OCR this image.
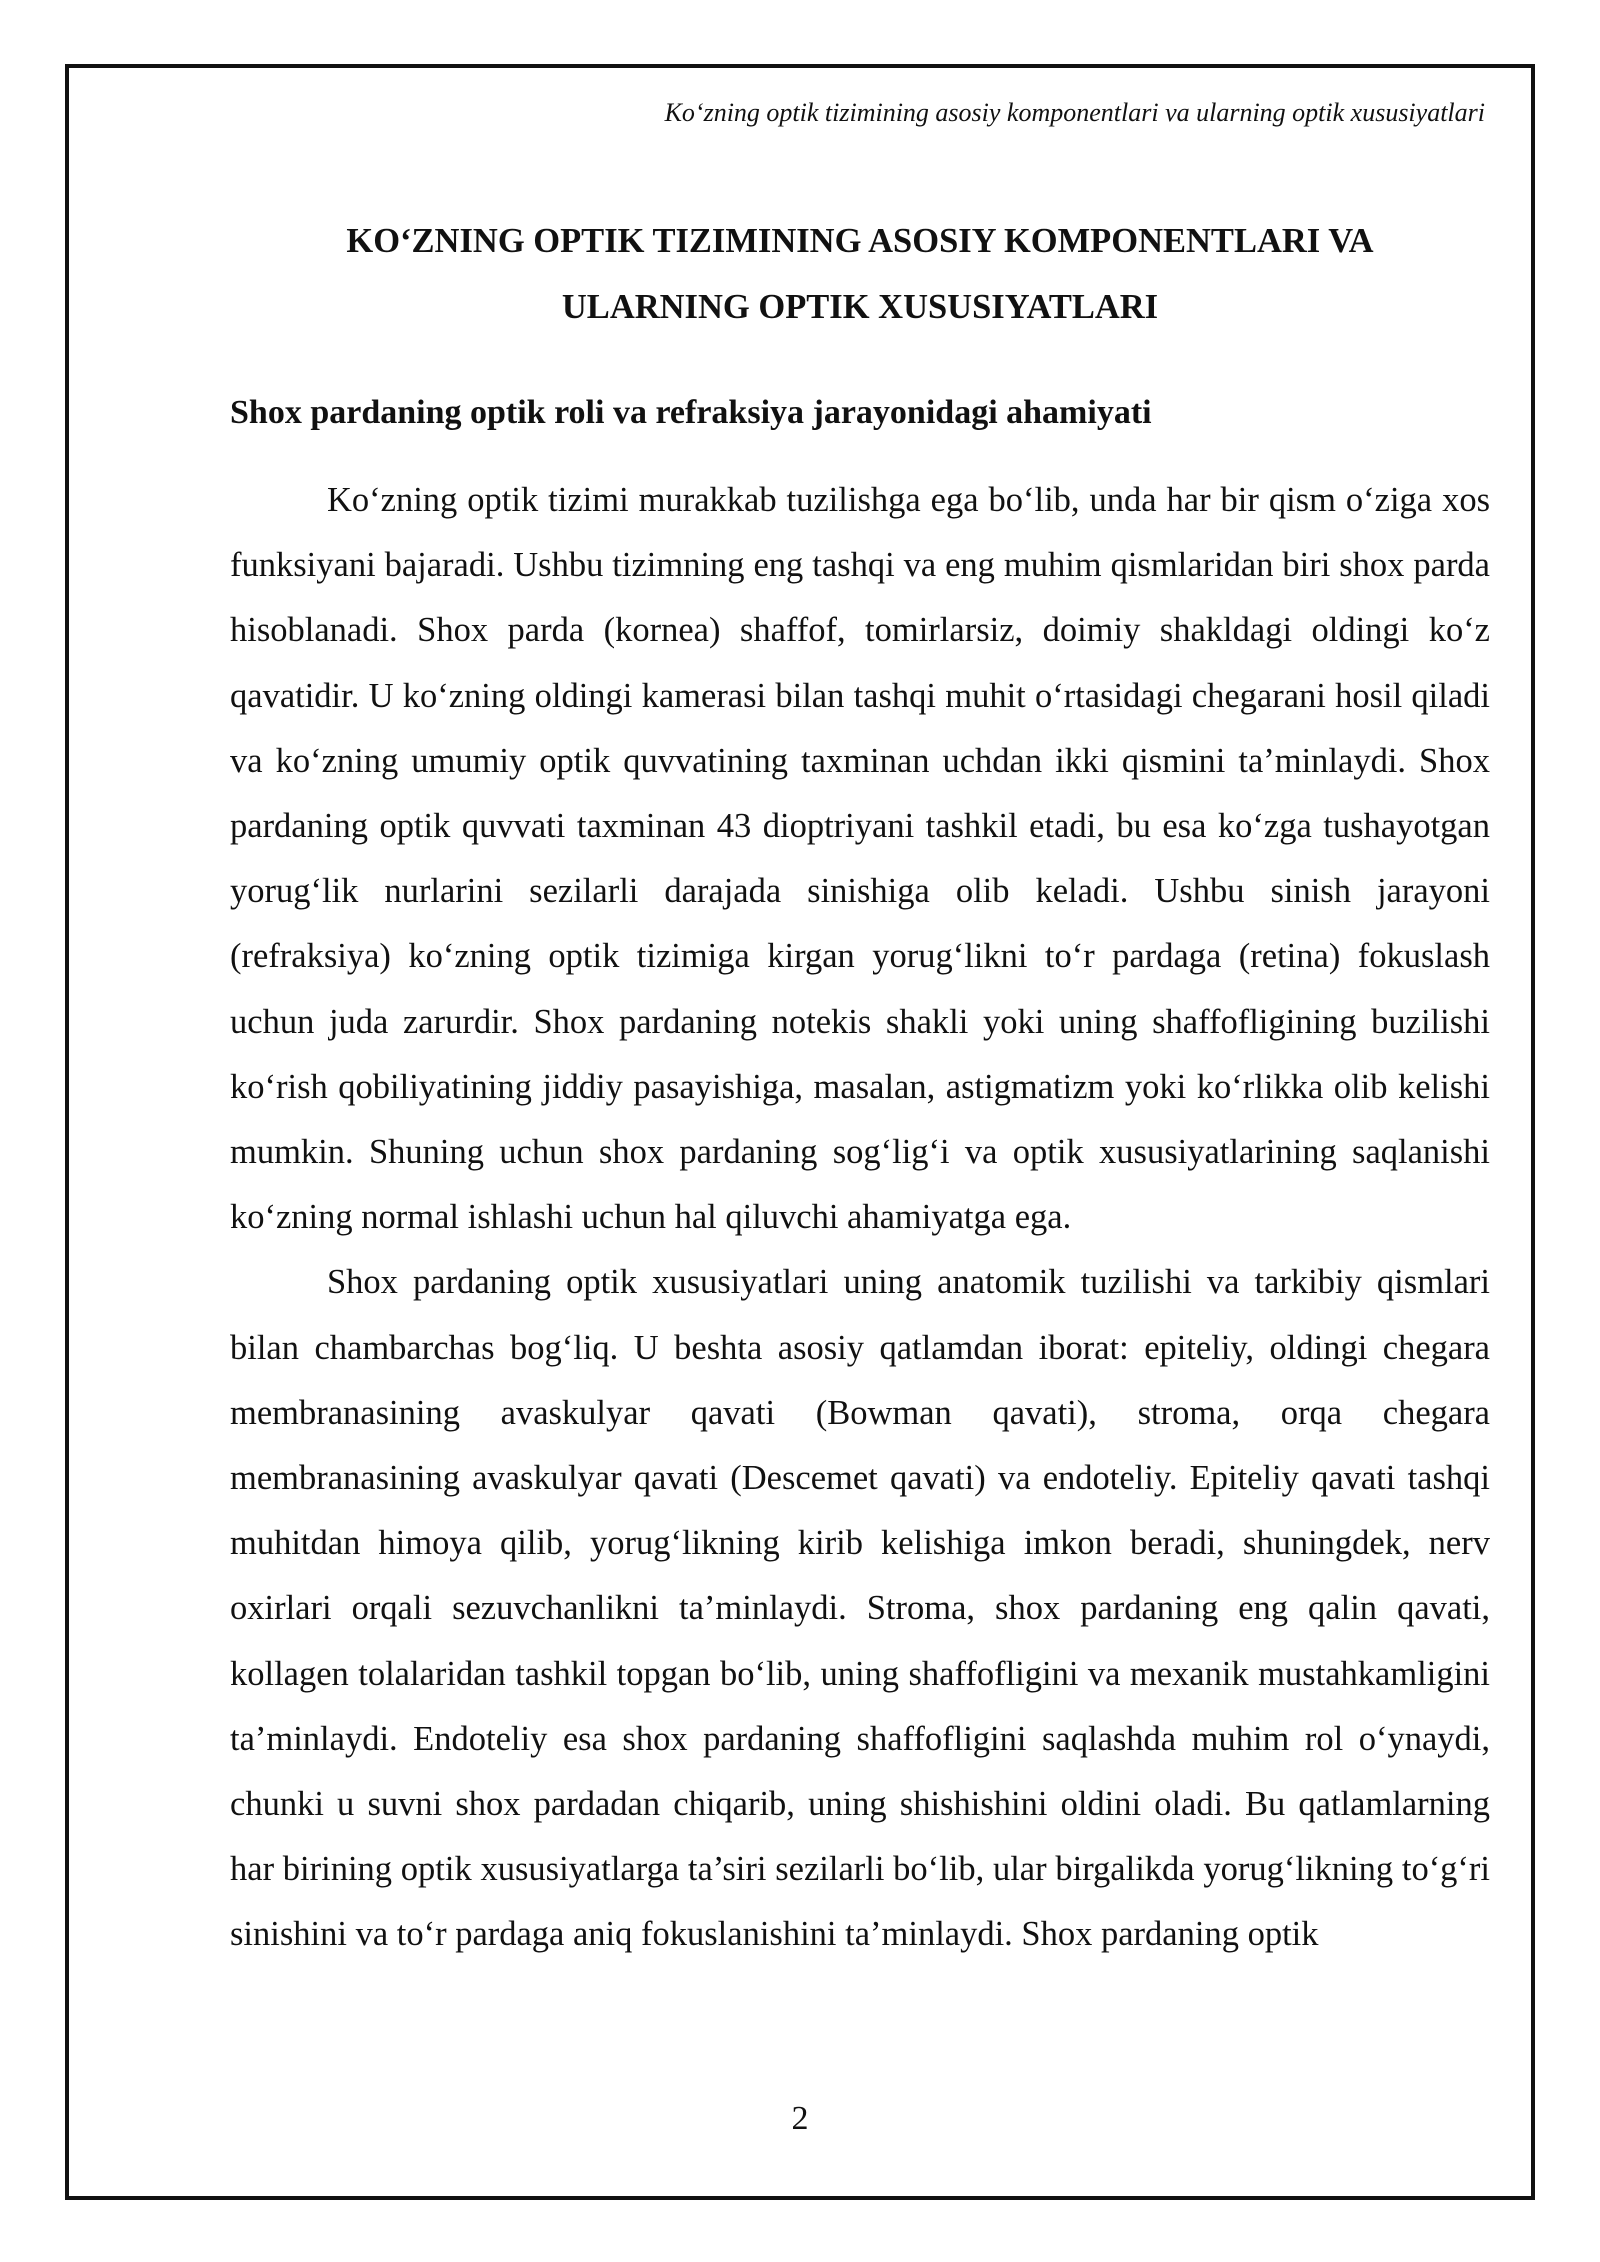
Ko‘zning optik tizimining asosiy komponentlari va ularning optik xususiyatlari
KO‘ZNING OPTIK TIZIMINING ASOSIY KOMPONENTLARI VA
ULARNING OPTIK XUSUSIYATLARI
Shox pardaning optik roli va refraksiya jarayonidagi ahamiyati

Ko‘zning optik tizimi murakkab tuzilishga ega bo‘lib, unda har bir qism o‘ziga xos funksiyani bajaradi. Ushbu tizimning eng tashqi va eng muhim qismlaridan biri shox parda hisoblanadi. Shox parda (kornea) shaffof, tomirlarsiz, doimiy shakldagi oldingi ko‘z qavatidir. U ko‘zning oldingi kamerasi bilan tashqi muhit o‘rtasidagi chegarani hosil qiladi va ko‘zning umumiy optik quvvatining taxminan uchdan ikki qismini ta’minlaydi. Shox pardaning optik quvvati taxminan 43 dioptriyani tashkil etadi, bu esa ko‘zga tushayotgan yorug‘lik nurlarini sezilarli darajada sinishiga olib keladi. Ushbu sinish jarayoni (refraksiya) ko‘zning optik tizimiga kirgan yorug‘likni to‘r pardaga (retina) fokuslash uchun juda zarurdir. Shox pardaning notekis shakli yoki uning shaffofligining buzilishi ko‘rish qobiliyatining jiddiy pasayishiga, masalan, astigmatizm yoki ko‘rlikka olib kelishi mumkin. Shuning uchun shox pardaning sog‘lig‘i va optik xususiyatlarining saqlanishi ko‘zning normal ishlashi uchun hal qiluvchi ahamiyatga ega.

Shox pardaning optik xususiyatlari uning anatomik tuzilishi va tarkibiy qismlari bilan chambarchas bog‘liq. U beshta asosiy qatlamdan iborat: epiteliy, oldingi chegara membranasining avaskulyar qavati (Bowman qavati), stroma, orqa chegara membranasining avaskulyar qavati (Descemet qavati) va endoteliy. Epiteliy qavati tashqi muhitdan himoya qilib, yorug‘likning kirib kelishiga imkon beradi, shuningdek, nerv oxirlari orqali sezuvchanlikni ta’minlaydi. Stroma, shox pardaning eng qalin qavati, kollagen tolalaridan tashkil topgan bo‘lib, uning shaffofligini va mexanik mustahkamligini ta’minlaydi. Endoteliy esa shox pardaning shaffofligini saqlashda muhim rol o‘ynaydi, chunki u suvni shox pardadan chiqarib, uning shishishini oldini oladi. Bu qatlamlarning har birining optik xususiyatlarga ta’siri sezilarli bo‘lib, ular birgalikda yorug‘likning to‘g‘ri sinishini va to‘r pardaga aniq fokuslanishini ta’minlaydi. Shox pardaning optik

2
